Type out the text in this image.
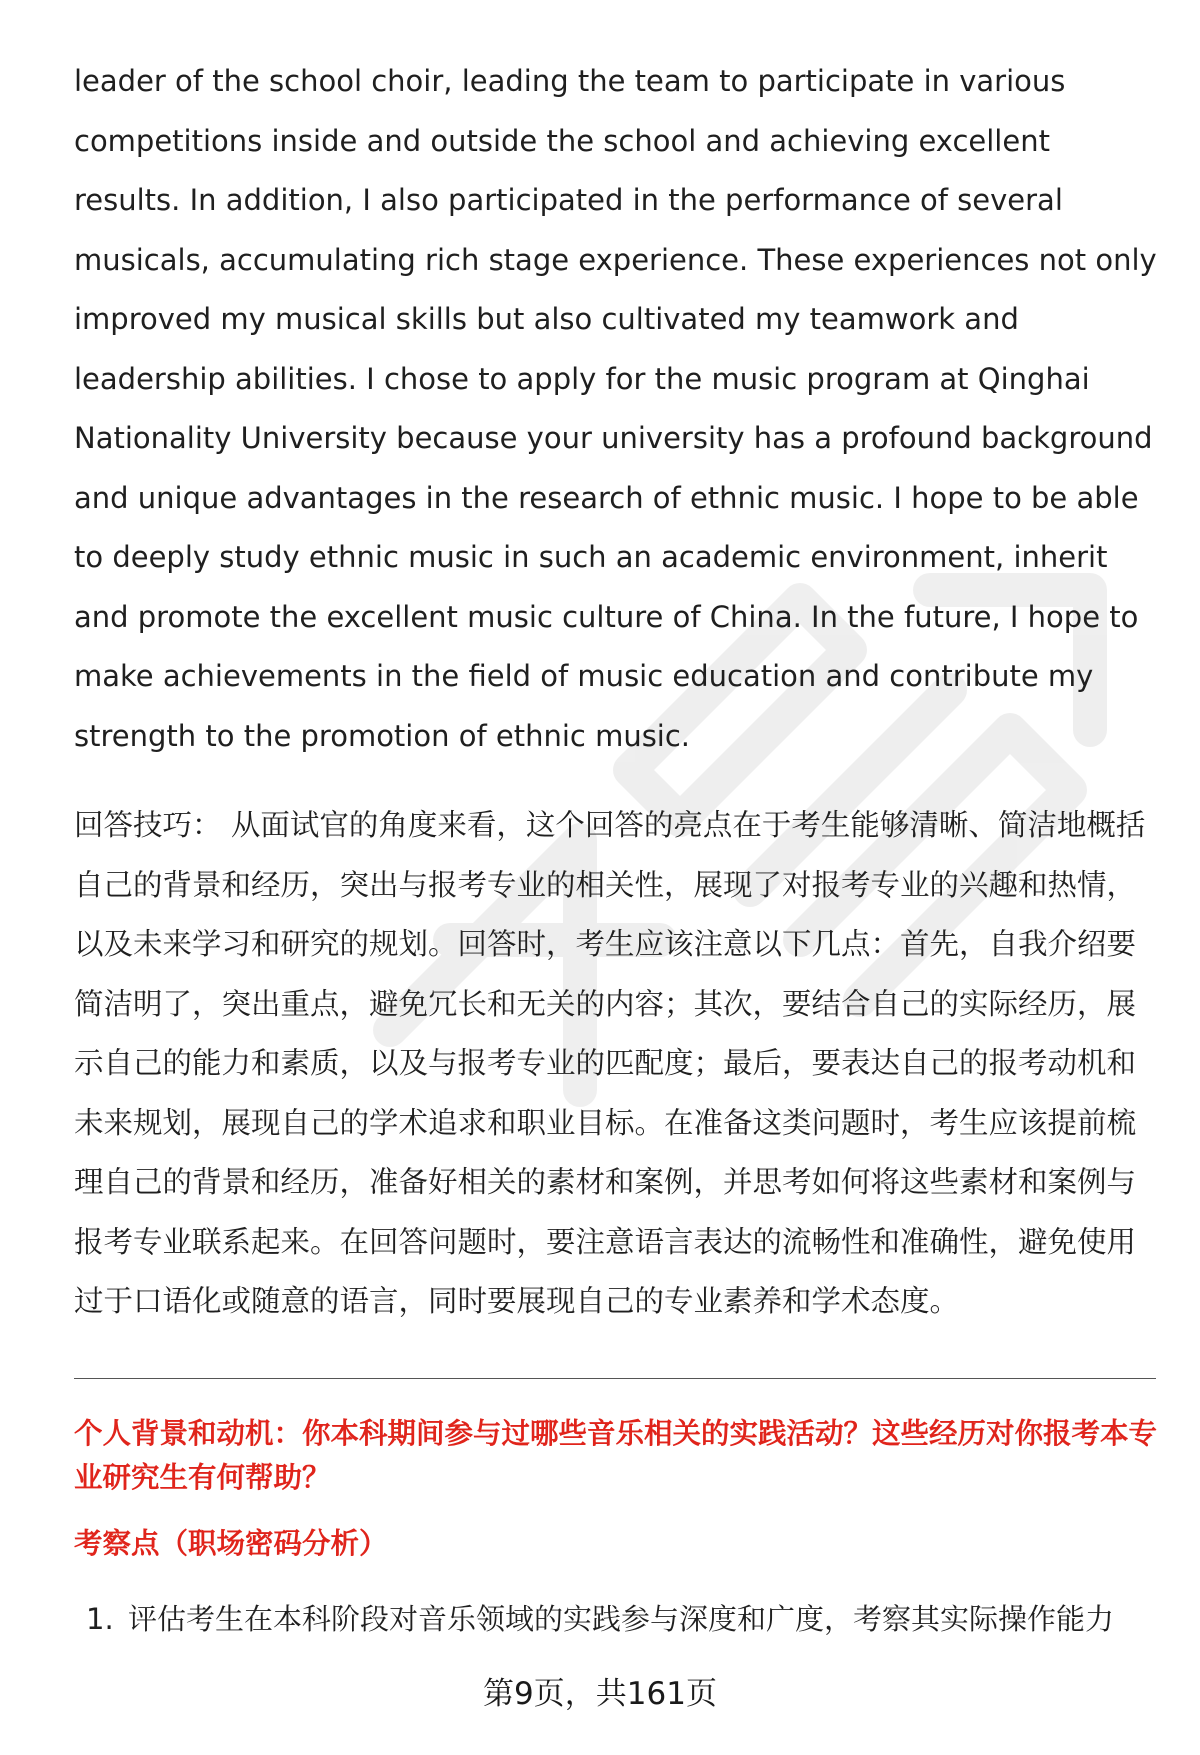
leader of the school choir, leading the team to participate in various competitions inside and outside the school and achieving excellent results. In addition, I also participated in the performance of several musicals, accumulating rich stage experience. These experiences not only improved my musical skills but also cultivated my teamwork and leadership abilities. I chose to apply for the music program at Qinghai Nationality University because your university has a profound background and unique advantages in the research of ethnic music. I hope to be able to deeply study ethnic music in such an academic environment, inherit and promote the excellent music culture of China. In the future, I hope to make achievements in the field of music education and contribute my strength to the promotion of ethnic music.

回答技巧： 从面试官的角度来看，这个回答的亮点在于考生能够清晰、简洁地概括自己的背景和经历，突出与报考专业的相关性，展现了对报考专业的兴趣和热情，以及未来学习和研究的规划。回答时，考生应该注意以下几点：首先，自我介绍要简洁明了，突出重点，避免冗长和无关的内容；其次，要结合自己的实际经历，展示自己的能力和素质，以及与报考专业的匹配度；最后，要表达自己的报考动机和未来规划，展现自己的学术追求和职业目标。在准备这类问题时，考生应该提前梳理自己的背景和经历，准备好相关的素材和案例，并思考如何将这些素材和案例与报考专业联系起来。在回答问题时，要注意语言表达的流畅性和准确性，避免使用过于口语化或随意的语言，同时要展现自己的专业素养和学术态度。

个人背景和动机：你本科期间参与过哪些音乐相关的实践活动？这些经历对你报考本专业研究生有何帮助？

考察点（职场密码分析）

1. 评估考生在本科阶段对音乐领域的实践参与深度和广度，考察其实际操作能力

第9页，共161页
